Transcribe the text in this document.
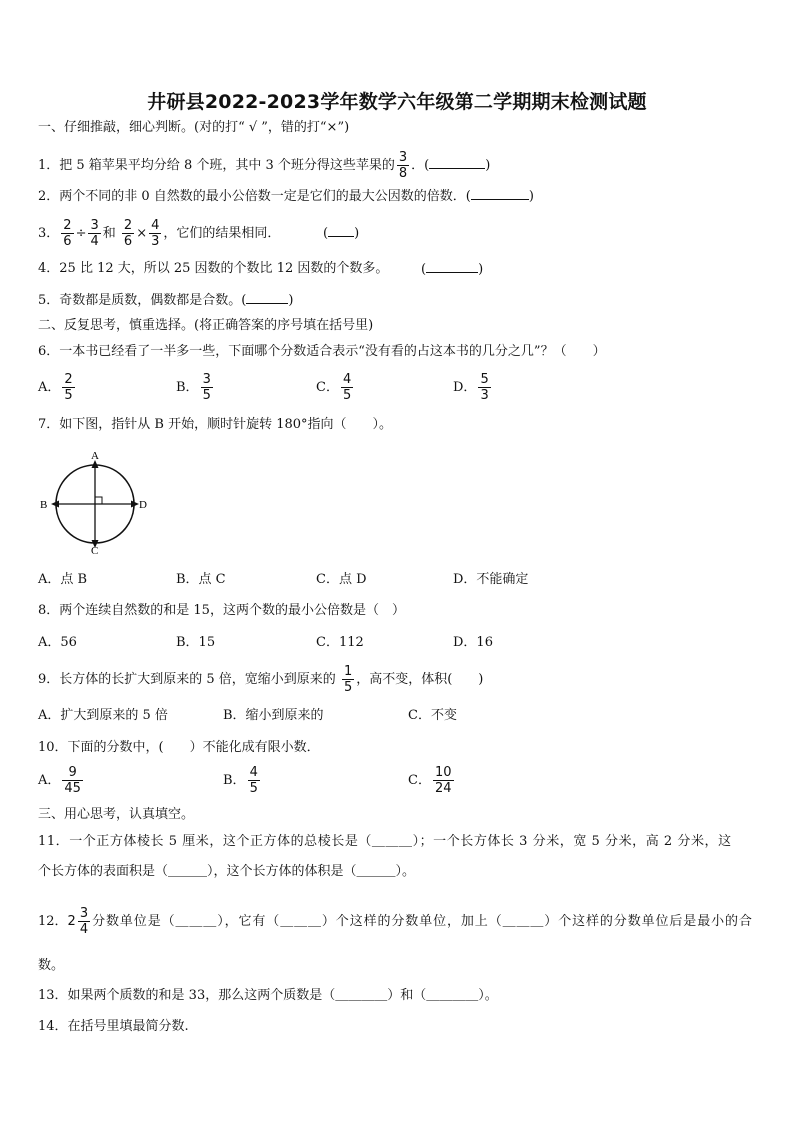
井研县2022-2023学年数学六年级第二学期期末检测试题
一、仔细推敲，细心判断。(对的打“ √ ”，错的打“×”)
1．把 5 箱苹果平均分给 8 个班，其中 3 个班分得这些苹果的 $\frac{3}{8}$ ．(	)
2．两个不同的非 0 自然数的最小公倍数一定是它们的最大公因数的倍数．(	)
3． $\frac{2}{6} \div \frac{3}{4}$ 和 $\frac{2}{6} \times \frac{4}{3}$ ，它们的结果相同．	( )
4．25 比 12 大，所以 25 因数的个数比 12 因数的个数多。	(	)
5．奇数都是质数，偶数都是合数。(	)
二、反复思考，慎重选择。(将正确答案的序号填在括号里)
6．一本书已经看了一半多一些，下面哪个分数适合表示“没有看的占这本书的几分之几”？（　　）
A． $\frac{2}{5}$	B． $\frac{3}{5}$	C． $\frac{4}{5}$	D． $\frac{5}{3}$
7．如下图，指针从 B 开始，顺时针旋转 180°指向（　　）。
A
B
C
D
A．点 B	B．点 C	C．点 D	D．不能确定
8．两个连续自然数的和是 15，这两个数的最小公倍数是（　）
A．56	B．15	C．112	D．16
9．长方体的长扩大到原来的 5 倍，宽缩小到原来的 $\frac{1}{5}$ ，高不变，体积(　　)
A．扩大到原来的 5 倍	B．缩小到原来的	C．不变
10．下面的分数中，(　　）不能化成有限小数．
A． $\frac{9}{45}$	B． $\frac{4}{5}$	C． $\frac{10}{24}$
三、用心思考，认真填空。
11．一个正方体棱长 5 厘米，这个正方体的总棱长是（＿＿＿）；一个长方体长 3 分米，宽 5 分米，高 2 分米，这
个长方体的表面积是（＿＿＿），这个长方体的体积是（＿＿＿）。
12． $2 \frac{3}{4}$ 分数单位是（＿＿＿），它有（＿＿＿）个这样的分数单位，加上（＿＿＿）个这样的分数单位后是最小的合
数。
13．如果两个质数的和是 33，那么这两个质数是（＿＿＿＿）和（＿＿＿＿）。
14．在括号里填最简分数.
